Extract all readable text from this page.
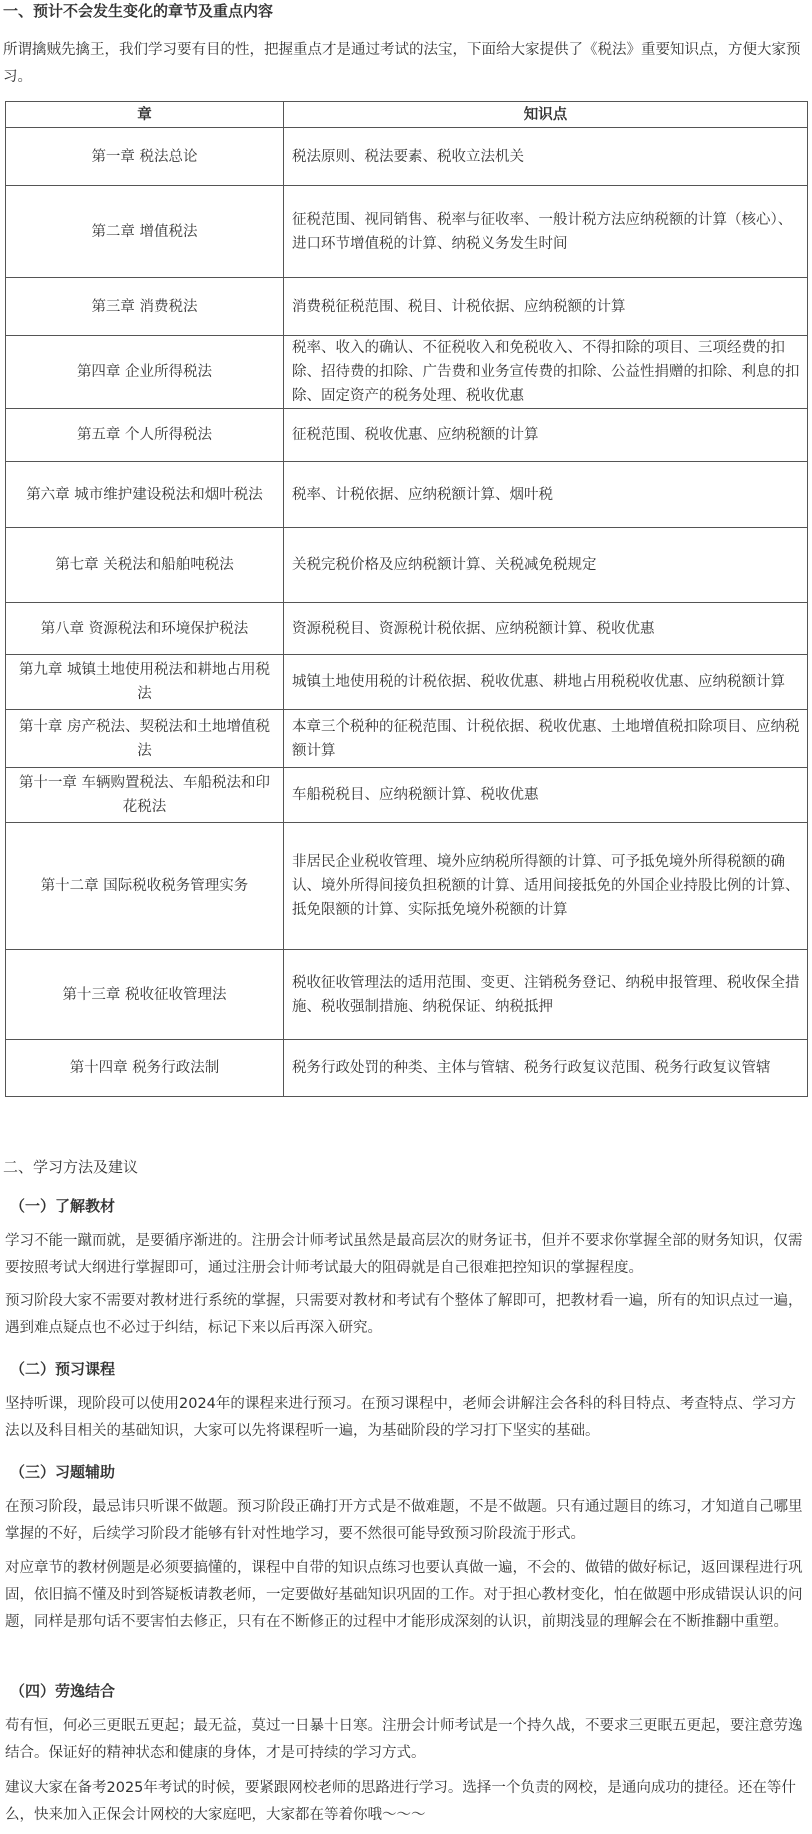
一、预计不会发生变化的章节及重点内容
所谓擒贼先擒王，我们学习要有目的性，把握重点才是通过考试的法宝，下面给大家提供了《税法》重要知识点，方便大家预习。
章	知识点
第一章 税法总论	税法原则、税法要素、税收立法机关
第二章 增值税法	征税范围、视同销售、税率与征收率、一般计税方法应纳税额的计算（核心）、进口环节增值税的计算、纳税义务发生时间
第三章 消费税法	消费税征税范围、税目、计税依据、应纳税额的计算
第四章 企业所得税法	税率、收入的确认、不征税收入和免税收入、不得扣除的项目、三项经费的扣除、招待费的扣除、广告费和业务宣传费的扣除、公益性捐赠的扣除、利息的扣除、固定资产的税务处理、税收优惠
第五章 个人所得税法	征税范围、税收优惠、应纳税额的计算
第六章 城市维护建设税法和烟叶税法	税率、计税依据、应纳税额计算、烟叶税
第七章 关税法和船舶吨税法	关税完税价格及应纳税额计算、关税减免税规定
第八章 资源税法和环境保护税法	资源税税目、资源税计税依据、应纳税额计算、税收优惠
第九章 城镇土地使用税法和耕地占用税法	城镇土地使用税的计税依据、税收优惠、耕地占用税税收优惠、应纳税额计算
第十章 房产税法、契税法和土地增值税法	本章三个税种的征税范围、计税依据、税收优惠、土地增值税扣除项目、应纳税额计算
第十一章 车辆购置税法、车船税法和印花税法	车船税税目、应纳税额计算、税收优惠
第十二章 国际税收税务管理实务	非居民企业税收管理、境外应纳税所得额的计算、可予抵免境外所得税额的确认、境外所得间接负担税额的计算、适用间接抵免的外国企业持股比例的计算、抵免限额的计算、实际抵免境外税额的计算
第十三章 税收征收管理法	税收征收管理法的适用范围、变更、注销税务登记、纳税申报管理、税收保全措施、税收强制措施、纳税保证、纳税抵押
第十四章 税务行政法制	税务行政处罚的种类、主体与管辖、税务行政复议范围、税务行政复议管辖
二、学习方法及建议
（一）了解教材

学习不能一蹴而就，是要循序渐进的。注册会计师考试虽然是最高层次的财务证书，但并不要求你掌握全部的财务知识，仅需要按照考试大纲进行掌握即可，通过注册会计师考试最大的阻碍就是自己很难把控知识的掌握程度。

预习阶段大家不需要对教材进行系统的掌握，只需要对教材和考试有个整体了解即可，把教材看一遍，所有的知识点过一遍，遇到难点疑点也不必过于纠结，标记下来以后再深入研究。

（二）预习课程

坚持听课，现阶段可以使用2024年的课程来进行预习。在预习课程中，老师会讲解注会各科的科目特点、考查特点、学习方法以及科目相关的基础知识，大家可以先将课程听一遍，为基础阶段的学习打下坚实的基础。

（三）习题辅助

在预习阶段，最忌讳只听课不做题。预习阶段正确打开方式是不做难题，不是不做题。只有通过题目的练习，才知道自己哪里掌握的不好，后续学习阶段才能够有针对性地学习，要不然很可能导致预习阶段流于形式。

对应章节的教材例题是必须要搞懂的，课程中自带的知识点练习也要认真做一遍，不会的、做错的做好标记，返回课程进行巩固，依旧搞不懂及时到答疑板请教老师，一定要做好基础知识巩固的工作。对于担心教材变化，怕在做题中形成错误认识的问题，同样是那句话不要害怕去修正，只有在不断修正的过程中才能形成深刻的认识，前期浅显的理解会在不断推翻中重塑。

（四）劳逸结合

苟有恒，何必三更眠五更起；最无益，莫过一日暴十日寒。注册会计师考试是一个持久战，不要求三更眠五更起，要注意劳逸结合。保证好的精神状态和健康的身体，才是可持续的学习方式。

建议大家在备考2025年考试的时候，要紧跟网校老师的思路进行学习。选择一个负责的网校，是通向成功的捷径。还在等什么，快来加入正保会计网校的大家庭吧，大家都在等着你哦～～～
